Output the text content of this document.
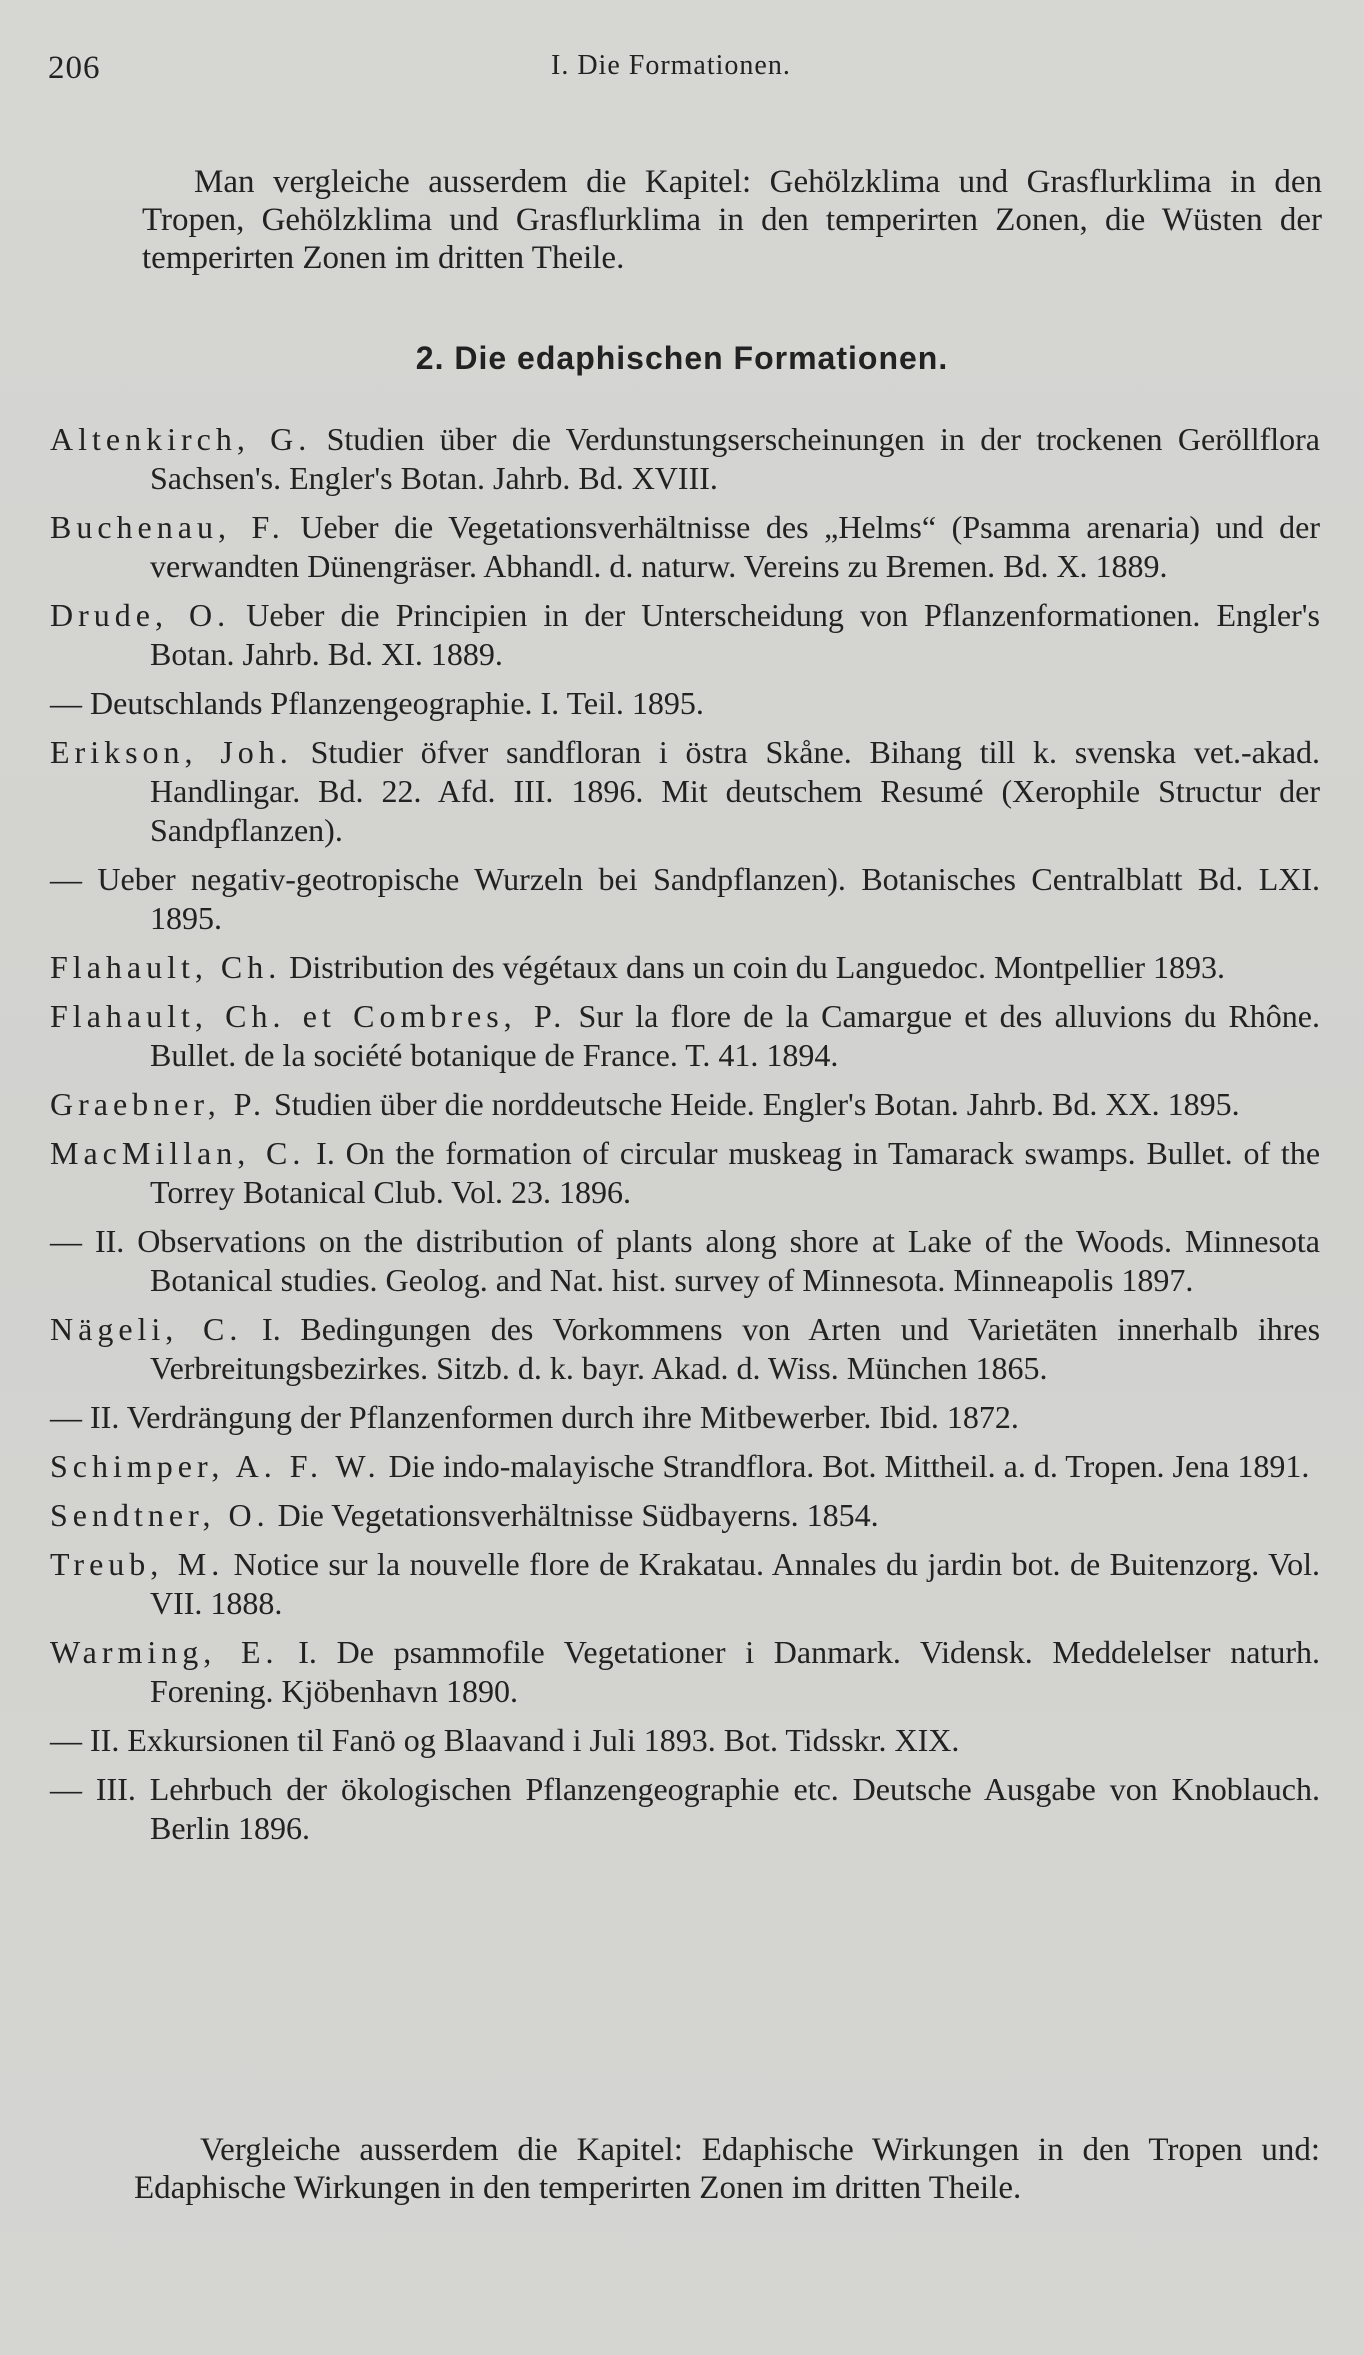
206	I. Die Formationen.

Man vergleiche ausserdem die Kapitel: Gehölzklima und Grasflurklima in den Tropen, Gehölzklima und Grasflurklima in den temperirten Zonen, die Wüsten der temperirten Zonen im dritten Theile.

2. Die edaphischen Formationen.
Altenkirch, G. Studien über die Verdunstungserscheinungen in der trockenen Geröllflora Sachsen's. Engler's Botan. Jahrb. Bd. XVIII.
Buchenau, F. Ueber die Vegetationsverhältnisse des „Helms“ (Psamma arenaria) und der verwandten Dünengräser. Abhandl. d. naturw. Vereins zu Bremen. Bd. X. 1889.
Drude, O. Ueber die Principien in der Unterscheidung von Pflanzenformationen. Engler's Botan. Jahrb. Bd. XI. 1889.
— Deutschlands Pflanzengeographie. I. Teil. 1895.
Erikson, Joh. Studier öfver sandfloran i östra Skåne. Bihang till k. svenska vet.-akad. Handlingar. Bd. 22. Afd. III. 1896. Mit deutschem Resumé (Xerophile Structur der Sandpflanzen).
— Ueber negativ-geotropische Wurzeln bei Sandpflanzen). Botanisches Centralblatt Bd. LXI. 1895.
Flahault, Ch. Distribution des végétaux dans un coin du Languedoc. Montpellier 1893.
Flahault, Ch. et Combres, P. Sur la flore de la Camargue et des alluvions du Rhône. Bullet. de la société botanique de France. T. 41. 1894.
Graebner, P. Studien über die norddeutsche Heide. Engler's Botan. Jahrb. Bd. XX. 1895.
MacMillan, C. I. On the formation of circular muskeag in Tamarack swamps. Bullet. of the Torrey Botanical Club. Vol. 23. 1896.
— II. Observations on the distribution of plants along shore at Lake of the Woods. Minnesota Botanical studies. Geolog. and Nat. hist. survey of Minnesota. Minneapolis 1897.
Nägeli, C. I. Bedingungen des Vorkommens von Arten und Varietäten innerhalb ihres Verbreitungsbezirkes. Sitzb. d. k. bayr. Akad. d. Wiss. München 1865.
— II. Verdrängung der Pflanzenformen durch ihre Mitbewerber. Ibid. 1872.
Schimper, A. F. W. Die indo-malayische Strandflora. Bot. Mittheil. a. d. Tropen. Jena 1891.
Sendtner, O. Die Vegetationsverhältnisse Südbayerns. 1854.
Treub, M. Notice sur la nouvelle flore de Krakatau. Annales du jardin bot. de Buitenzorg. Vol. VII. 1888.
Warming, E. I. De psammofile Vegetationer i Danmark. Vidensk. Meddelelser naturh. Forening. Kjöbenhavn 1890.
— II. Exkursionen til Fanö og Blaavand i Juli 1893. Bot. Tidsskr. XIX.
— III. Lehrbuch der ökologischen Pflanzengeographie etc. Deutsche Ausgabe von Knoblauch. Berlin 1896.

Vergleiche ausserdem die Kapitel: Edaphische Wirkungen in den Tropen und: Edaphische Wirkungen in den temperirten Zonen im dritten Theile.
